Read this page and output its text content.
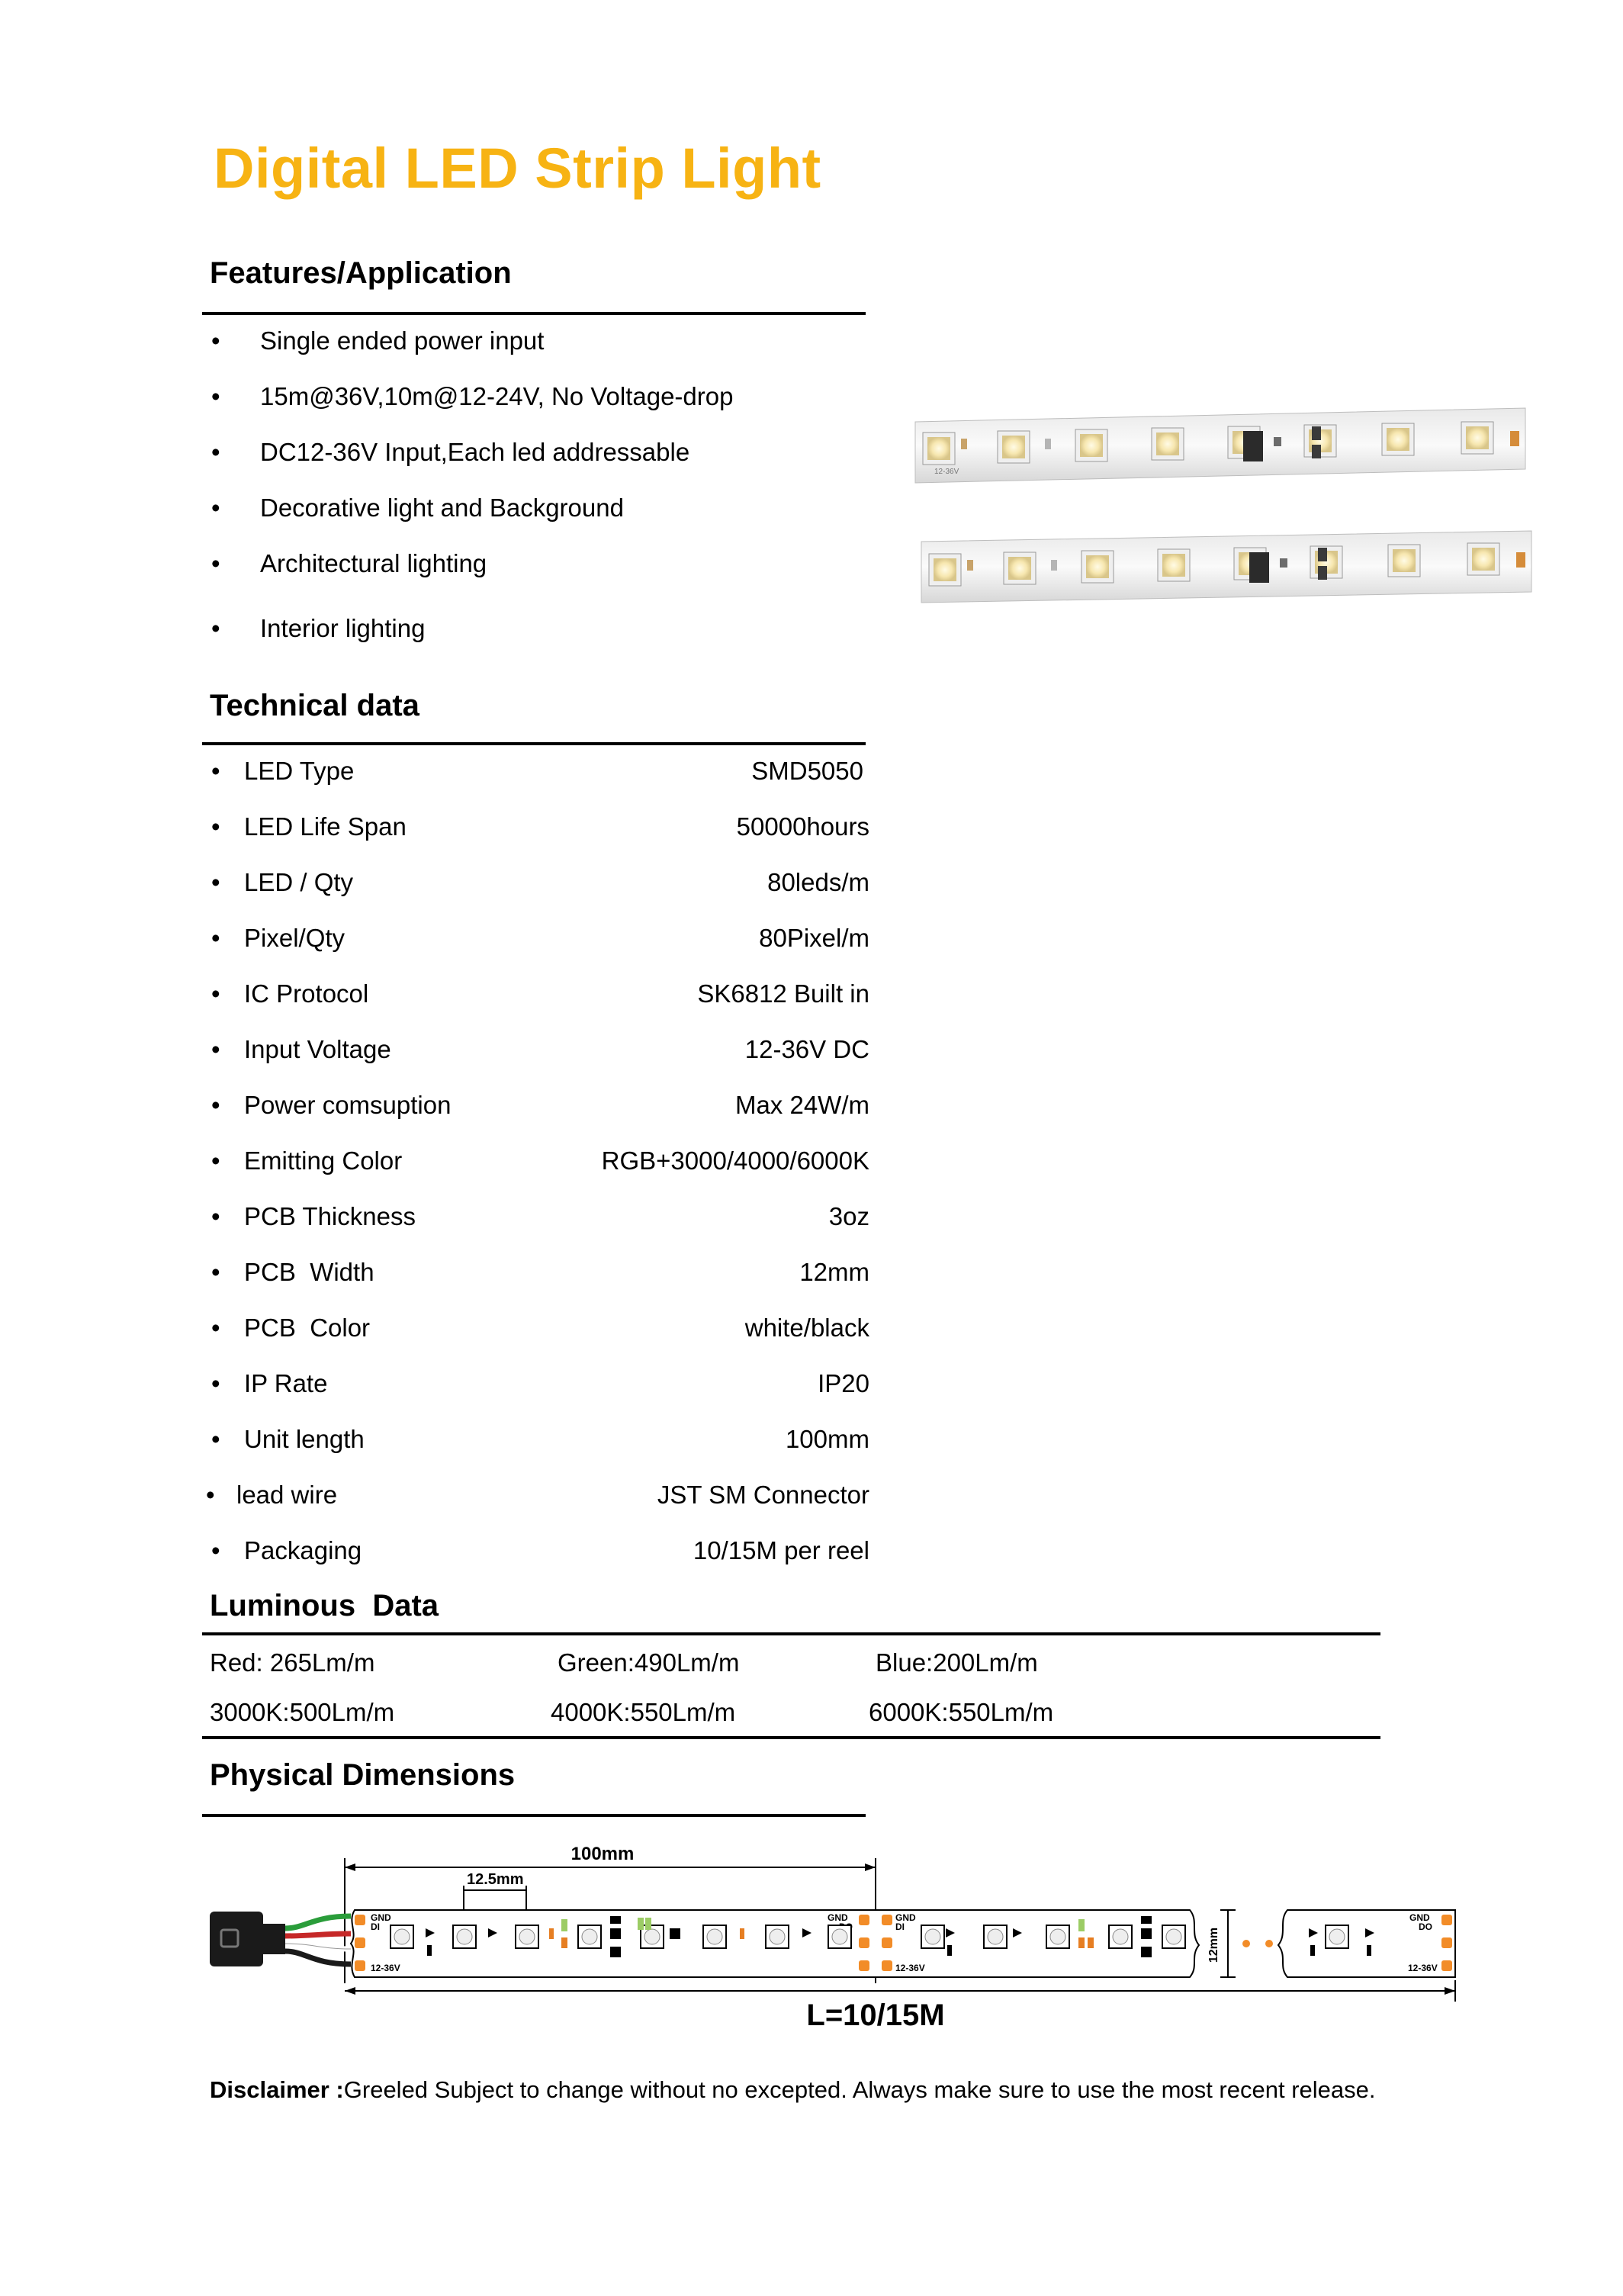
Digital LED Strip Light
Features/Application
• Single ended power input
• 15m@36V,10m@12-24V, No Voltage-drop
• DC12-36V Input,Each led addressable
• Decorative light and Background
• Architectural lighting
• Interior lighting
12-36V
Technical data
• LED Type	SMD5050
• LED Life Span	50000hours
• LED / Qty	80leds/m
• Pixel/Qty	80Pixel/m
• IC Protocol	SK6812 Built in
• Input Voltage	12-36V DC
• Power comsuption	Max 24W/m
• Emitting Color	RGB+3000/4000/6000K
• PCB Thickness	3oz
• PCB  Width	12mm
• PCB  Color	white/black
• IP Rate	IP20
• Unit length	100mm
• lead wire	JST SM Connector
• Packaging	10/15M per reel
Luminous  Data
Red: 265Lm/m	Green:490Lm/m	Blue:200Lm/m
3000K:500Lm/m	4000K:550Lm/m	6000K:550Lm/m
Physical Dimensions
100mm
12.5mm
12mm
GND
DI
12-36V
GND	GND
DI
12-36V
GND
DO
12-36V
L=10/15M
Disclaimer :Greeled Subject to change without no excepted. Always make sure to use the most recent release.
